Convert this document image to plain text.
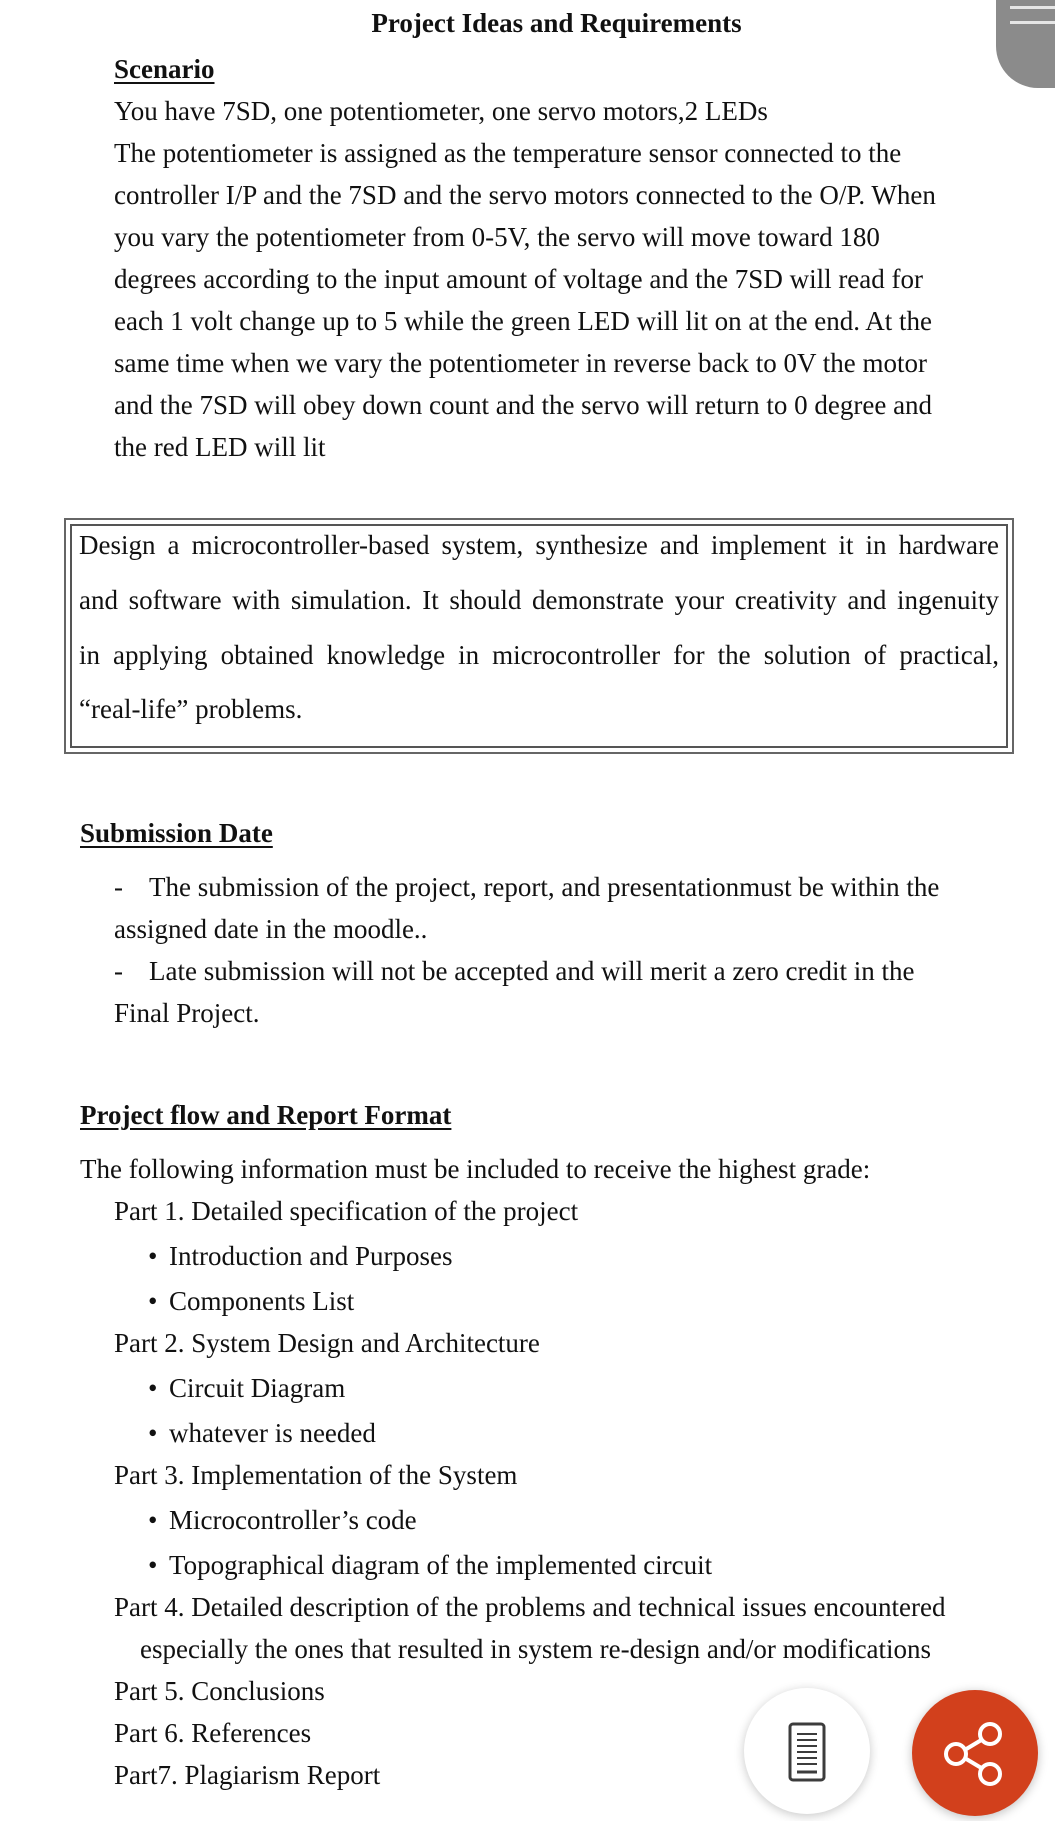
Project Ideas and Requirements
Scenario
You have 7SD, one potentiometer, one servo motors,2 LEDs
The potentiometer is assigned as the temperature sensor connected to the
controller I/P and the 7SD and the servo motors connected to the O/P. When
you vary the potentiometer from 0-5V, the servo will move toward 180
degrees according to the input amount of voltage and the 7SD will read for
each 1 volt change up to 5 while the green LED will lit on at the end. At the
same time when we vary the potentiometer in reverse back to 0V the motor
and the 7SD will obey down count and the servo will return to 0 degree and
the red LED will lit
Design a microcontroller-based system, synthesize and implement it in hardware
and software with simulation. It should demonstrate your creativity and ingenuity
in applying obtained knowledge in microcontroller for the solution of practical,
“real-life” problems.
Submission Date
- The submission of the project, report, and presentationmust be within the
assigned date in the moodle..
- Late submission will not be accepted and will merit a zero credit in the
Final Project.
Project flow and Report Format
The following information must be included to receive the highest grade:
Part 1. Detailed specification of the project
• Introduction and Purposes
• Components List
Part 2. System Design and Architecture
• Circuit Diagram
• whatever is needed
Part 3. Implementation of the System
• Microcontroller’s code
• Topographical diagram of the implemented circuit
Part 4. Detailed description of the problems and technical issues encountered
especially the ones that resulted in system re-design and/or modifications
Part 5. Conclusions
Part 6. References
Part7. Plagiarism Report
